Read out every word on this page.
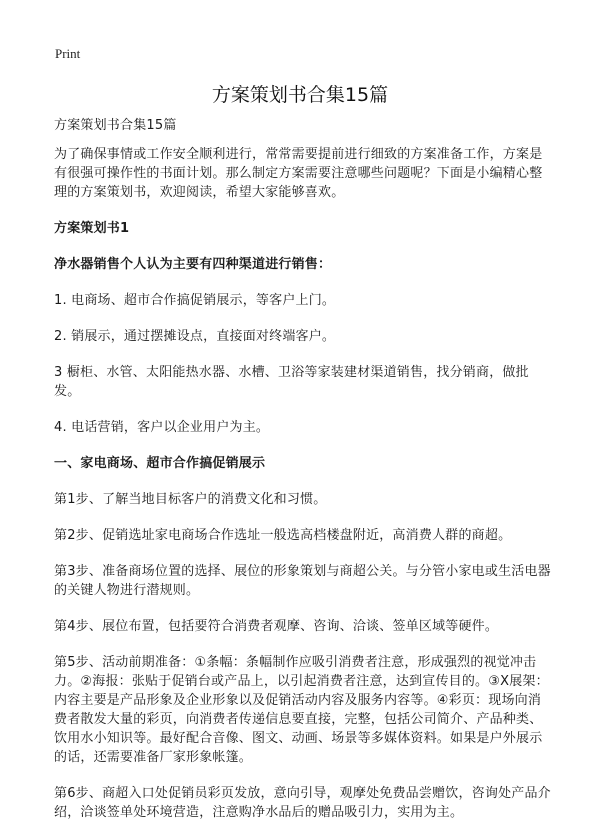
Print
方案策划书合集15篇

方案策划书合集15篇

为了确保事情或工作安全顺利进行，常常需要提前进行细致的方案准备工作，方案是有很强可操作性的书面计划。那么制定方案需要注意哪些问题呢？下面是小编精心整理的方案策划书，欢迎阅读，希望大家能够喜欢。

方案策划书1

净水器销售个人认为主要有四种渠道进行销售：

1. 电商场、超市合作搞促销展示，等客户上门。

2. 销展示，通过摆摊设点，直接面对终端客户。

3 橱柜、水管、太阳能热水器、水槽、卫浴等家装建材渠道销售，找分销商，做批发。

4. 电话营销，客户以企业用户为主。

一、家电商场、超市合作搞促销展示

第1步、了解当地目标客户的消费文化和习惯。

第2步、促销选址家电商场合作选址一般选高档楼盘附近，高消费人群的商超。

第3步、准备商场位置的选择、展位的形象策划与商超公关。与分管小家电或生活电器的关键人物进行潜规则。

第4步、展位布置，包括要符合消费者观摩、咨询、洽谈、签单区域等硬件。

第5步、活动前期准备：①条幅：条幅制作应吸引消费者注意，形成强烈的视觉冲击力。②海报：张贴于促销台或产品上，以引起消费者注意，达到宣传目的。③X展架：内容主要是产品形象及企业形象以及促销活动内容及服务内容等。④彩页：现场向消费者散发大量的彩页，向消费者传递信息要直接，完整，包括公司简介、产品种类、饮用水小知识等。最好配合音像、图文、动画、场景等多媒体资料。如果是户外展示的话，还需要准备厂家形象帐篷。

第6步、商超入口处促销员彩页发放，意向引导，观摩处免费品尝赠饮，咨询处产品介绍，洽谈签单处环境营造，注意购净水品后的赠品吸引力，实用为主。
